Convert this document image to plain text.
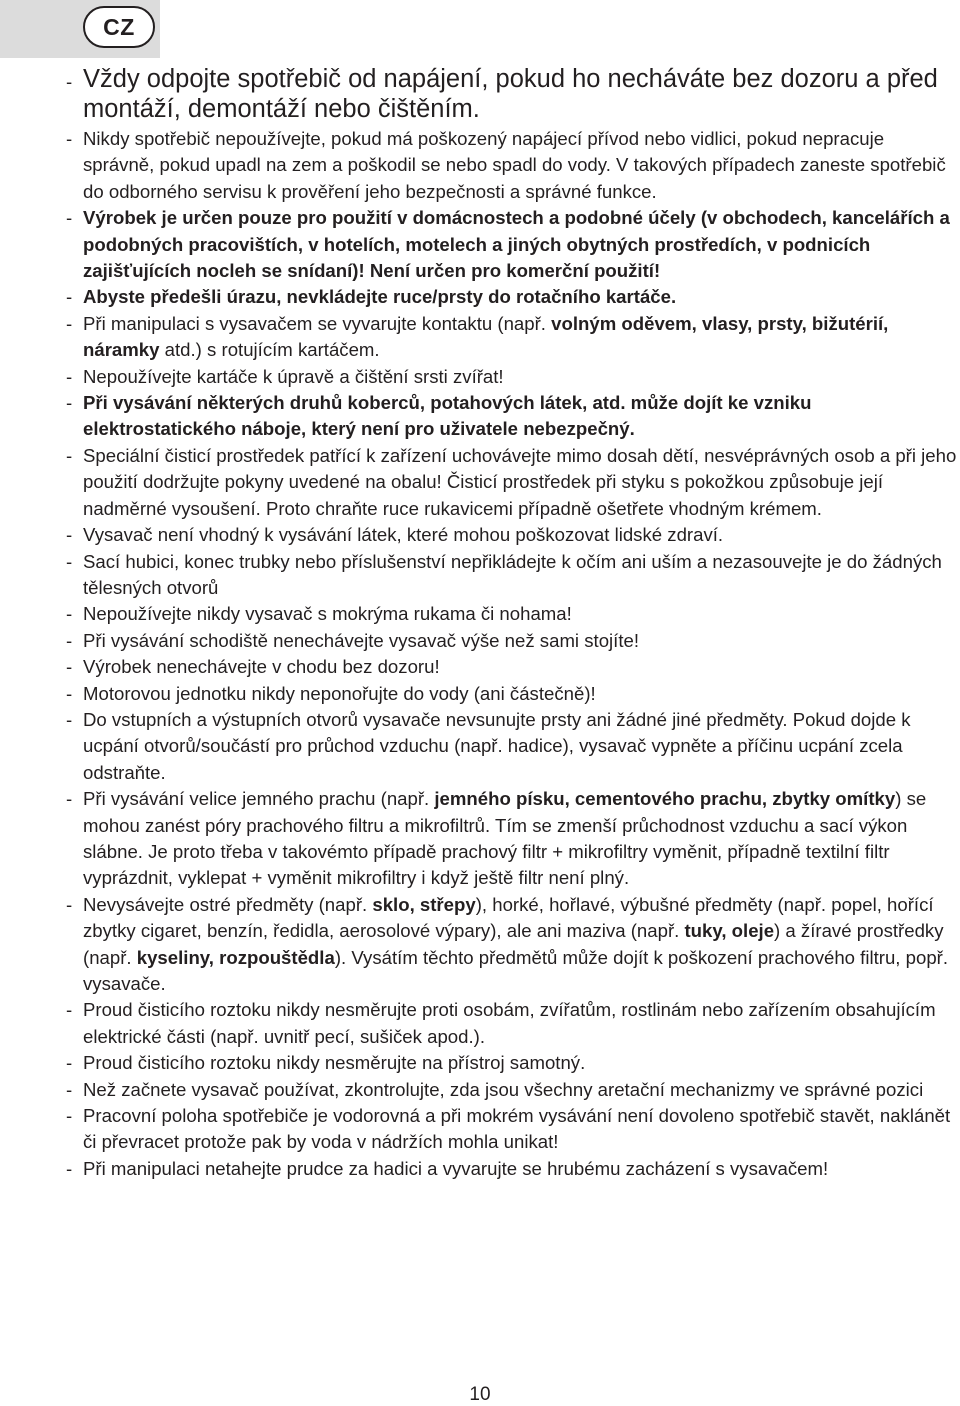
CZ
- Vždy odpojte spotřebič od napájení, pokud ho necháváte bez dozoru a před montáží, demontáží nebo čištěním.
- Nikdy spotřebič nepoužívejte, pokud má poškozený napájecí přívod nebo vidlici, pokud nepracuje správně, pokud upadl na zem a poškodil se nebo spadl do vody. V takových případech zaneste spotřebič do odborného servisu k prověření jeho bezpečnosti a správné funkce.
- Výrobek je určen pouze pro použití v domácnostech a podobné účely (v obchodech, kancelářích a podobných pracovištích, v hotelích, motelech a jiných obytných prostředích, v podnicích zajišťujících nocleh se snídaní)! Není určen pro komerční použití!
- Abyste předešli úrazu, nevkládejte ruce/prsty do rotačního kartáče.
- Při manipulaci s vysavačem se vyvarujte kontaktu (např. volným oděvem, vlasy, prsty, bižutérií, náramky atd.) s rotujícím kartáčem.
- Nepoužívejte kartáče k úpravě a čištění srsti zvířat!
- Při vysávání některých druhů koberců, potahových látek, atd. může dojít ke vzniku elektrostatického náboje, který není pro uživatele nebezpečný.
- Speciální čisticí prostředek patřící k zařízení uchovávejte mimo dosah dětí, nesvéprávných osob a při jeho použití dodržujte pokyny uvedené na obalu! Čisticí prostředek při styku s pokožkou způsobuje její nadměrné vysoušení. Proto chraňte ruce rukavicemi případně ošetřete vhodným krémem.
- Vysavač není vhodný k vysávání látek, které mohou poškozovat lidské zdraví.
- Sací hubici, konec trubky nebo příslušenství nepřikládejte k očím ani uším a nezasouvejte je do žádných tělesných otvorů
- Nepoužívejte nikdy vysavač s mokrýma rukama či nohama!
- Při vysávání schodiště nenechávejte vysavač výše než sami stojíte!
- Výrobek nenechávejte v chodu bez dozoru!
- Motorovou jednotku nikdy neponořujte do vody (ani částečně)!
- Do vstupních a výstupních otvorů vysavače nevsunujte prsty ani žádné jiné předměty. Pokud dojde k ucpání otvorů/součástí pro průchod vzduchu (např. hadice), vysavač vypněte a příčinu ucpání zcela odstraňte.
- Při vysávání velice jemného prachu (např. jemného písku, cementového prachu, zbytky omítky) se mohou zanést póry prachového filtru a mikrofiltrů. Tím se zmenší průchodnost vzduchu a sací výkon slábne. Je proto třeba v takovémto případě prachový filtr + mikrofiltry vyměnit, případně textilní filtr vyprázdnit, vyklepat + vyměnit mikrofiltry i když ještě filtr není plný.
- Nevysávejte ostré předměty (např. sklo, střepy), horké, hořlavé, výbušné předměty (např. popel, hořící zbytky cigaret, benzín, ředidla, aerosolové výpary), ale ani maziva (např. tuky, oleje) a žíravé prostředky (např. kyseliny, rozpouštědla). Vysátím těchto předmětů může dojít k poškození prachového filtru, popř. vysavače.
- Proud čisticího roztoku nikdy nesměrujte proti osobám, zvířatům, rostlinám nebo zařízením obsahujícím elektrické části (např. uvnitř pecí, sušiček apod.).
- Proud čisticího roztoku nikdy nesměrujte na přístroj samotný.
- Než začnete vysavač používat, zkontrolujte, zda jsou všechny aretační mechanizmy ve správné pozici
- Pracovní poloha spotřebiče je vodorovná a při mokrém vysávání není dovoleno spotřebič stavět, naklánět či převracet protože pak by voda v nádržích mohla unikat!
- Při manipulaci netahejte prudce za hadici a vyvarujte se hrubému zacházení s vysavačem!
10
